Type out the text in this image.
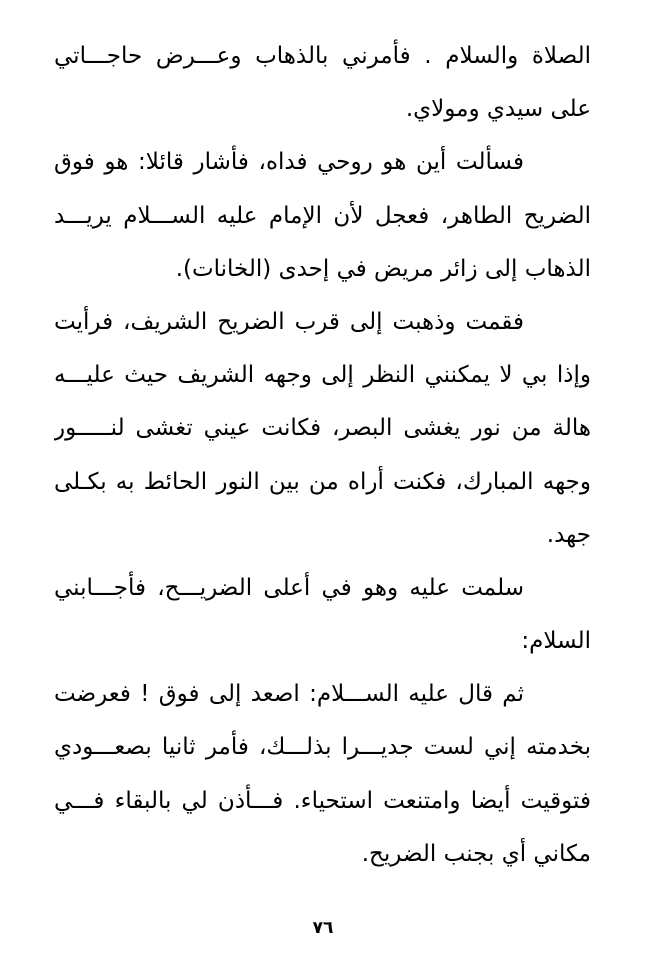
الصلاة والسلام . فأمرني بالذهاب وعـــرض حاجـــاتي
على سيدي ومولاي.
فسألت أين هو روحي فداه، فأشار قائلا: هو فوق
الضريح الطاهر، فعجل لأن الإمام عليه الســـلام يريـــد
الذهاب إلى زائر مريض في إحدى (الخانات).
فقمت وذهبت إلى قرب الضريح الشريف، فرأيت
وإذا بي لا يمكنني النظر إلى وجهه الشريف حيث عليـــه
هالة من نور يغشى البصر، فكانت عيني تغشى لنـــــور
وجهه المبارك، فكنت أراه من بين النور الحائط به بكـلى
جهد.
سلمت عليه وهو في أعلى الضريـــح، فأجـــابني
السلام:
ثم قال عليه الســـلام: اصعد إلى فوق ! فعرضت
بخدمته إني لست جديـــرا بذلـــك، فأمر ثانيا بصعـــودي
فتوقيت أيضا وامتنعت استحياء. فـــأذن لي بالبقاء فـــي
مكاني أي بجنب الضريح.
٧٦
